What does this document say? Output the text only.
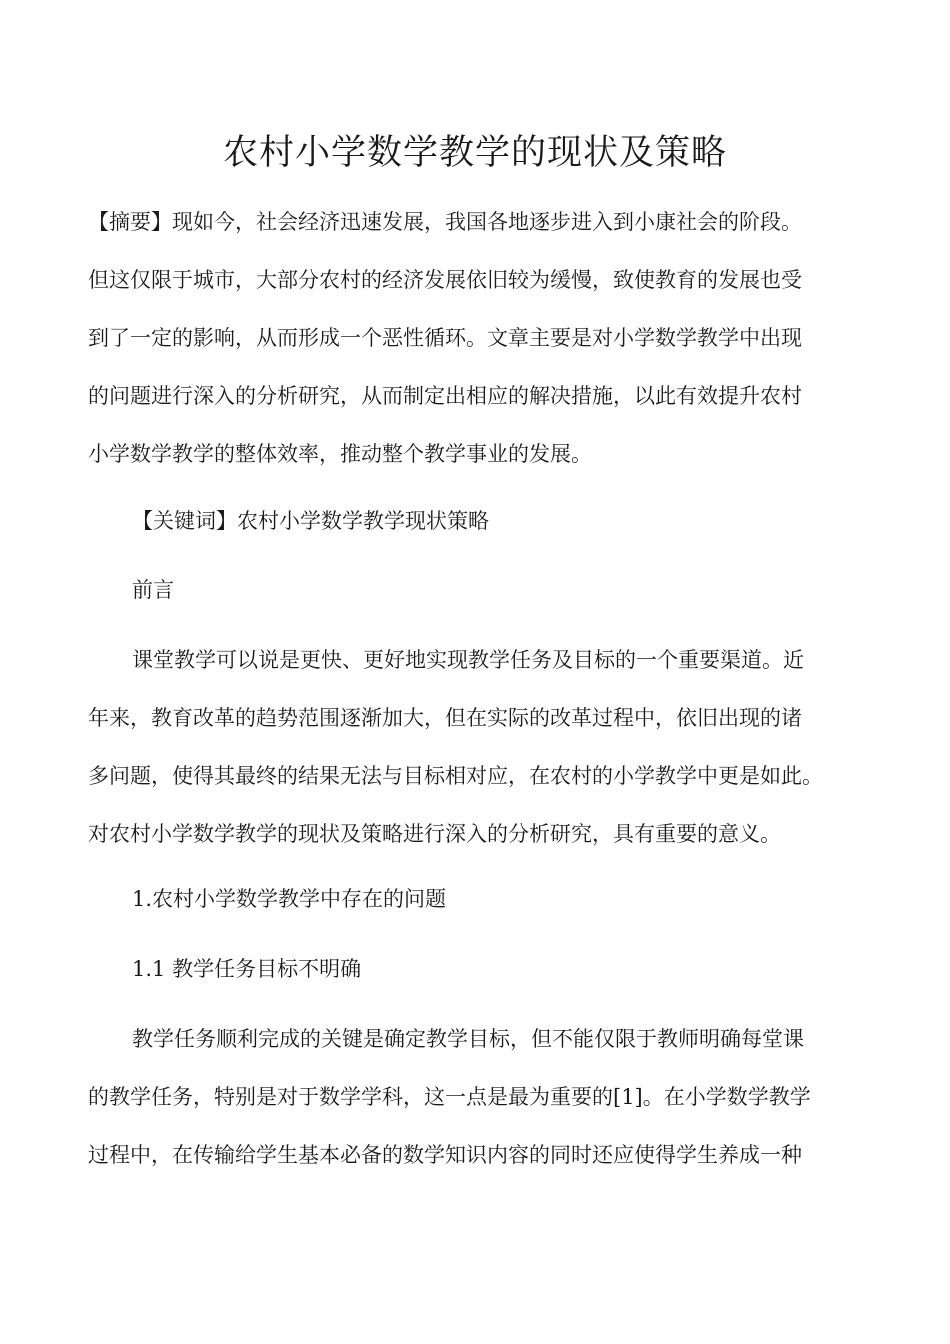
农村小学数学教学的现状及策略
【摘要】现如今，社会经济迅速发展，我国各地逐步进入到小康社会的阶段。
但这仅限于城市，大部分农村的经济发展依旧较为缓慢，致使教育的发展也受
到了一定的影响，从而形成一个恶性循环。文章主要是对小学数学教学中出现
的问题进行深入的分析研究，从而制定出相应的解决措施，以此有效提升农村
小学数学教学的整体效率，推动整个教学事业的发展。
【关键词】农村小学数学教学现状策略
前言
课堂教学可以说是更快、更好地实现教学任务及目标的一个重要渠道。近
年来，教育改革的趋势范围逐渐加大，但在实际的改革过程中，依旧出现的诸
多问题，使得其最终的结果无法与目标相对应，在农村的小学教学中更是如此。
对农村小学数学教学的现状及策略进行深入的分析研究，具有重要的意义。
1.农村小学数学教学中存在的问题
1.1 教学任务目标不明确
教学任务顺利完成的关键是确定教学目标，但不能仅限于教师明确每堂课
的教学任务，特别是对于数学学科，这一点是最为重要的[1]。在小学数学教学
过程中，在传输给学生基本必备的数学知识内容的同时还应使得学生养成一种
